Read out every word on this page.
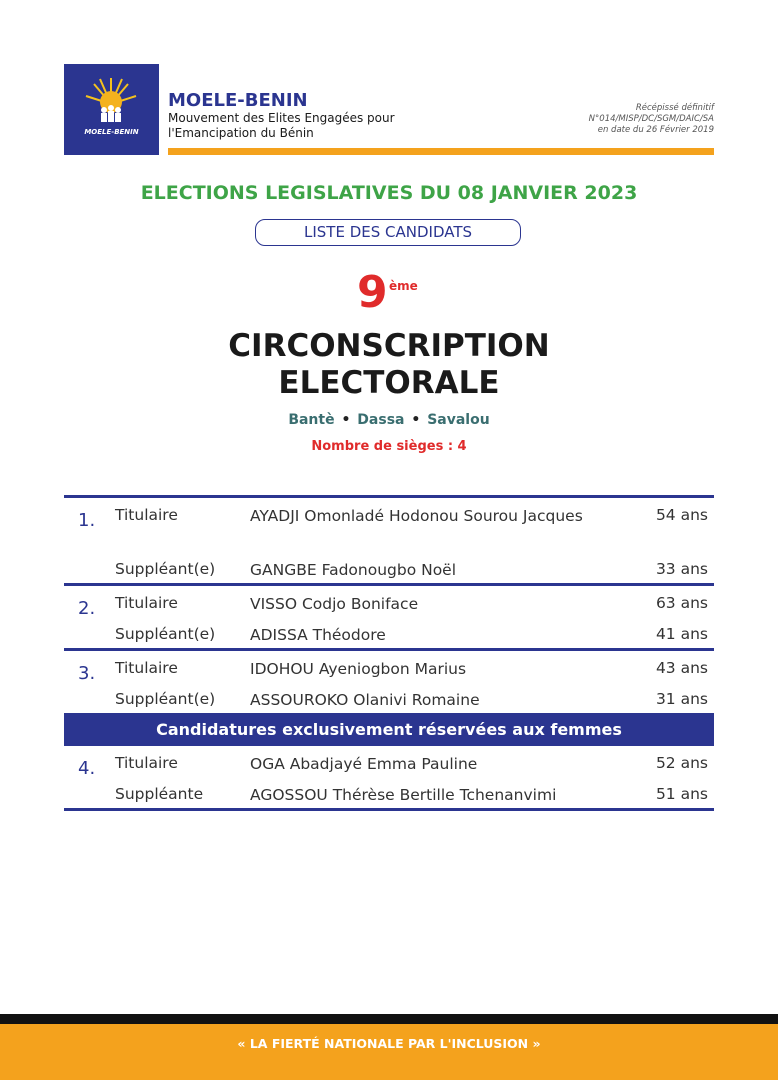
MOELE-BENIN
MOELE-BENIN
Mouvement des Elites Engagées pour
l'Emancipation du Bénin
Récépissé définitif
N°014/MISP/DC/SGM/DAIC/SA
en date du 26 Février 2019
ELECTIONS LEGISLATIVES DU 08 JANVIER 2023
LISTE DES CANDIDATS
9 ème
CIRCONSCRIPTION
ELECTORALE
Bantè • Dassa • Savalou
Nombre de sièges : 4
1. Titulaire	AYADJI Omonladé Hodonou Sourou Jacques	54 ans
Suppléant(e) GANGBE Fadonougbo Noël	33 ans
2. Titulaire	VISSO Codjo Boniface	63 ans
Suppléant(e) ADISSA Théodore	41 ans
3. Titulaire	IDOHOU Ayeniogbon Marius	43 ans
Suppléant(e) ASSOUROKO Olanivi Romaine	31 ans
Candidatures exclusivement réservées aux femmes
4. Titulaire	OGA Abadjayé Emma Pauline	52 ans
Suppléante	AGOSSOU Thérèse Bertille Tchenanvimi	51 ans
« LA FIERTÉ NATIONALE PAR L'INCLUSION »
